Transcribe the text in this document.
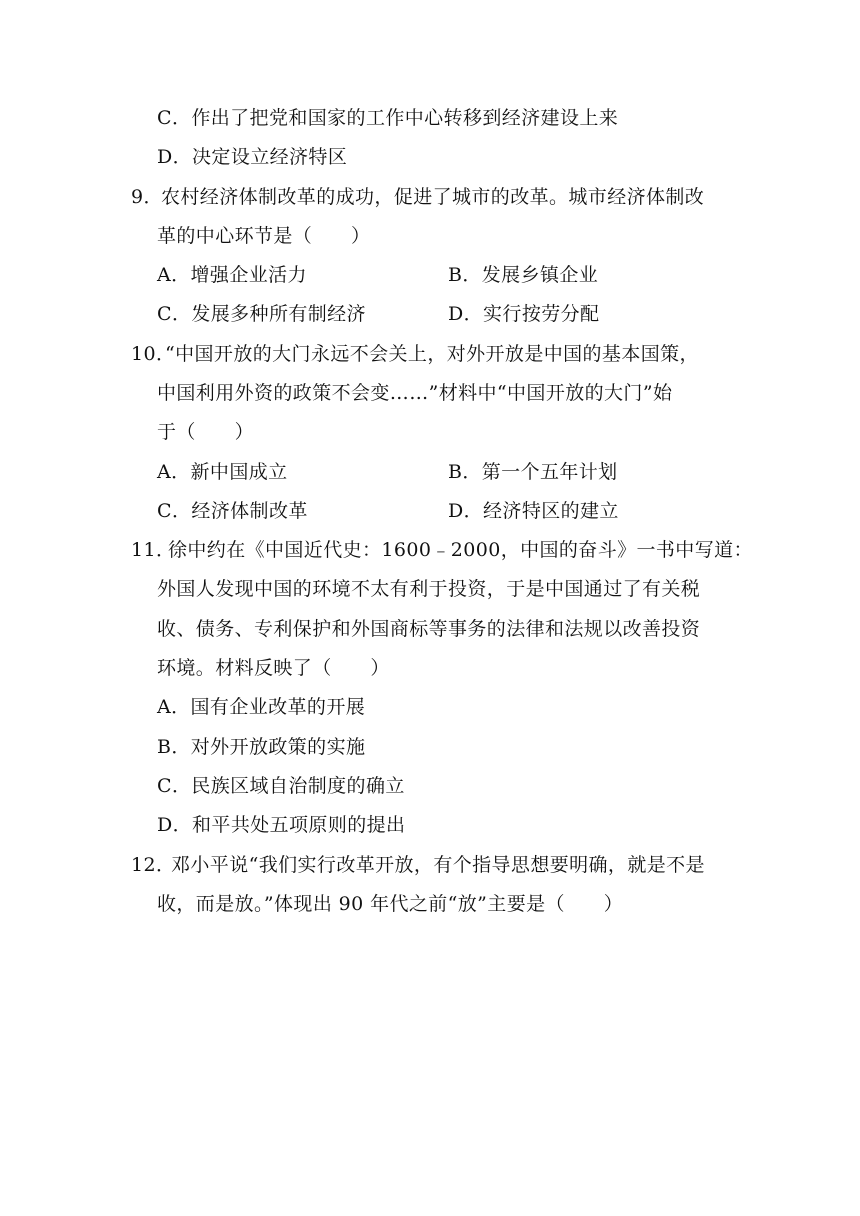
C．作出了把党和国家的工作中心转移到经济建设上来
D．决定设立经济特区
9．
农村经济体制改革的成功，促进了城市的改革。城市经济体制改
革的中心环节是（　　）
A．增强企业活力	B．发展乡镇企业
C．发展多种所有制经济	D．实行按劳分配
10．
“中国开放的大门永远不会关上，对外开放是中国的基本国策，
中国利用外资的政策不会变……”材料中“中国开放的大门”始
于（　　）
A．新中国成立	B．第一个五年计划
C．经济体制改革	D．经济特区的建立
11．
徐中约在《中国近代史：1600﹣2000，中国的奋斗》一书中写道：
外国人发现中国的环境不太有利于投资，于是中国通过了有关税
收、债务、专利保护和外国商标等事务的法律和法规以改善投资
环境。材料反映了（　　）
A．国有企业改革的开展
B．对外开放政策的实施
C．民族区域自治制度的确立
D．和平共处五项原则的提出
12．
邓小平说“我们实行改革开放，有个指导思想要明确，就是不是
收，而是放。”体现出 90 年代之前“放”主要是（　　）
